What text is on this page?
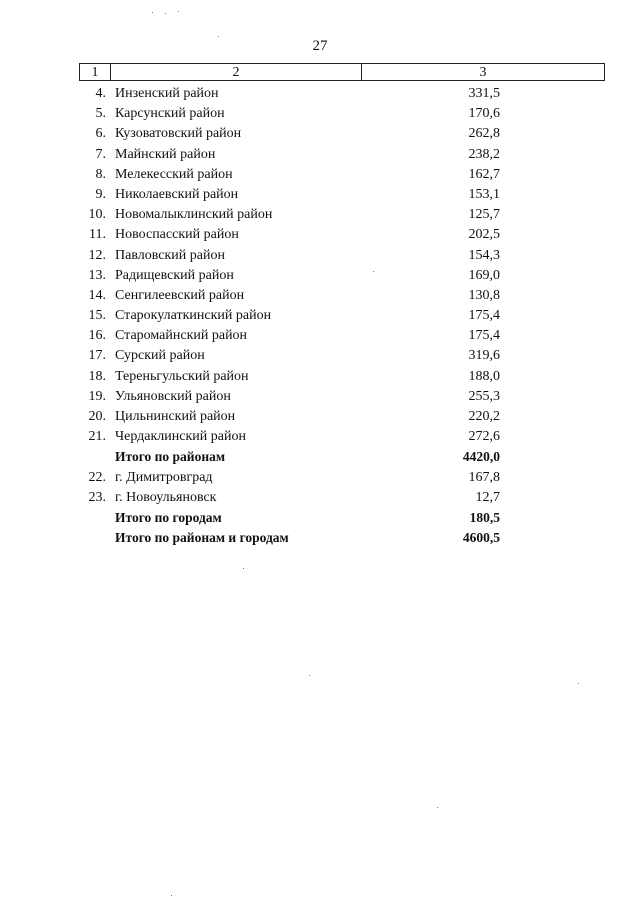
27
1	2	3
4. Инзенский район	331,5
5. Карсунский район	170,6
6. Кузоватовский район	262,8
7. Майнский район	238,2
8. Мелекесский район	162,7
9. Николаевский район	153,1
10. Новомалыклинский район	125,7
11. Новоспасский район	202,5
12. Павловский район	154,3
13. Радищевский район	169,0
14. Сенгилеевский район	130,8
15. Старокулаткинский район	175,4
16. Старомайнский район	175,4
17. Сурский район	319,6
18. Тереньгульский район	188,0
19. Ульяновский район	255,3
20. Цильнинский район	220,2
21. Чердаклинский район	272,6
Итого по районам	4420,0
22. г. Димитровград	167,8
23. г. Новоульяновск	12,7
Итого по городам	180,5
Итого по районам и городам	4600,5
